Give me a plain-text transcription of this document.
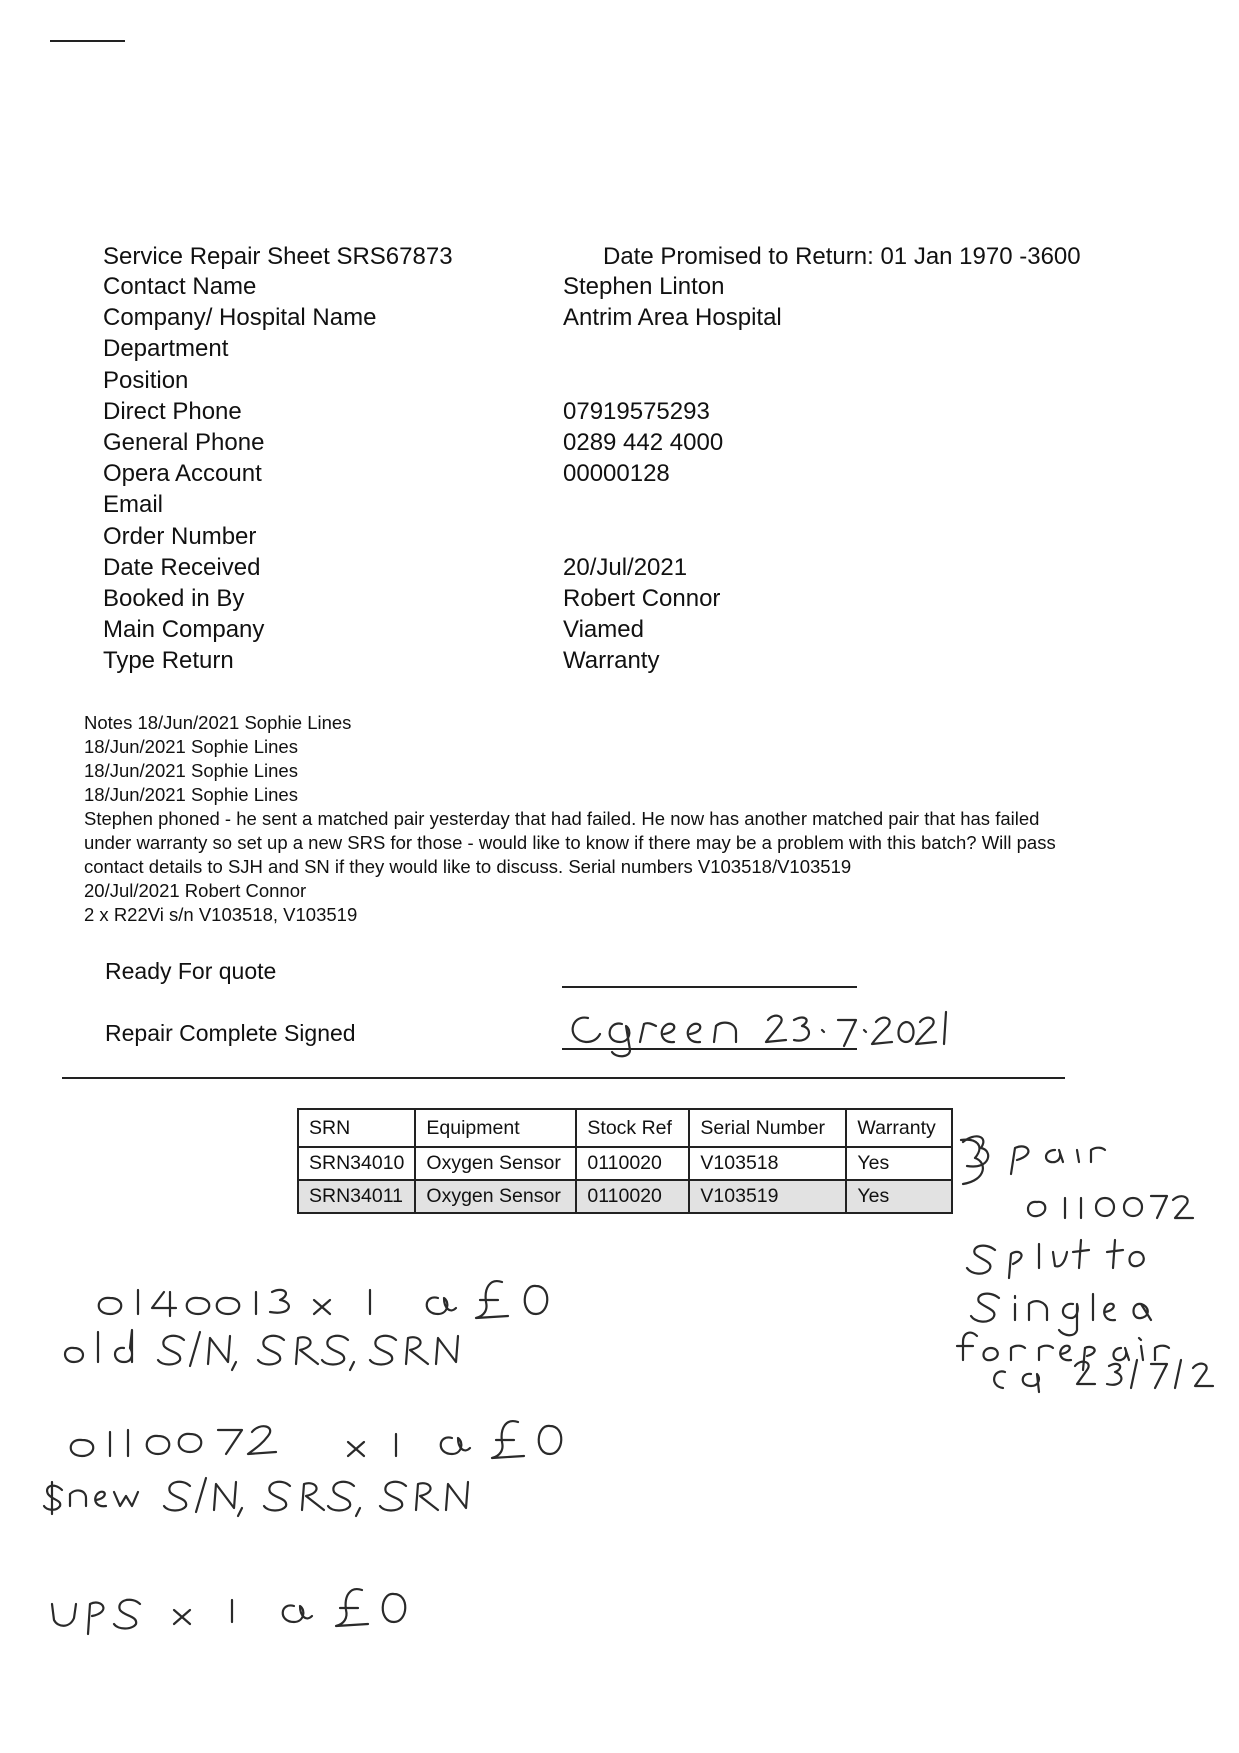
Service Repair Sheet SRS67873	Date Promised to Return: 01 Jan 1970 -3600
Contact Name	Stephen Linton
Company/ Hospital Name	Antrim Area Hospital
Department
Position
Direct Phone	07919575293
General Phone	0289 442 4000
Opera Account	00000128
Email
Order Number
Date Received	20/Jul/2021
Booked in By	Robert Connor
Main Company	Viamed
Type Return	Warranty
Notes 18/Jun/2021 Sophie Lines
18/Jun/2021 Sophie Lines
18/Jun/2021 Sophie Lines
18/Jun/2021 Sophie Lines
Stephen phoned - he sent a matched pair yesterday that had failed. He now has another matched pair that has failed
under warranty so set up a new SRS for those - would like to know if there may be a problem with this batch? Will pass
contact details to SJH and SN if they would like to discuss. Serial numbers V103518/V103519
20/Jul/2021 Robert Connor
2 x R22Vi s/n V103518, V103519
Ready For quote
Repair Complete Signed
SRN	Equipment	Stock Ref	Serial Number	Warranty
SRN34010	Oxygen Sensor	0110020	V103518	Yes
SRN34011	Oxygen Sensor	0110020	V103519	Yes
